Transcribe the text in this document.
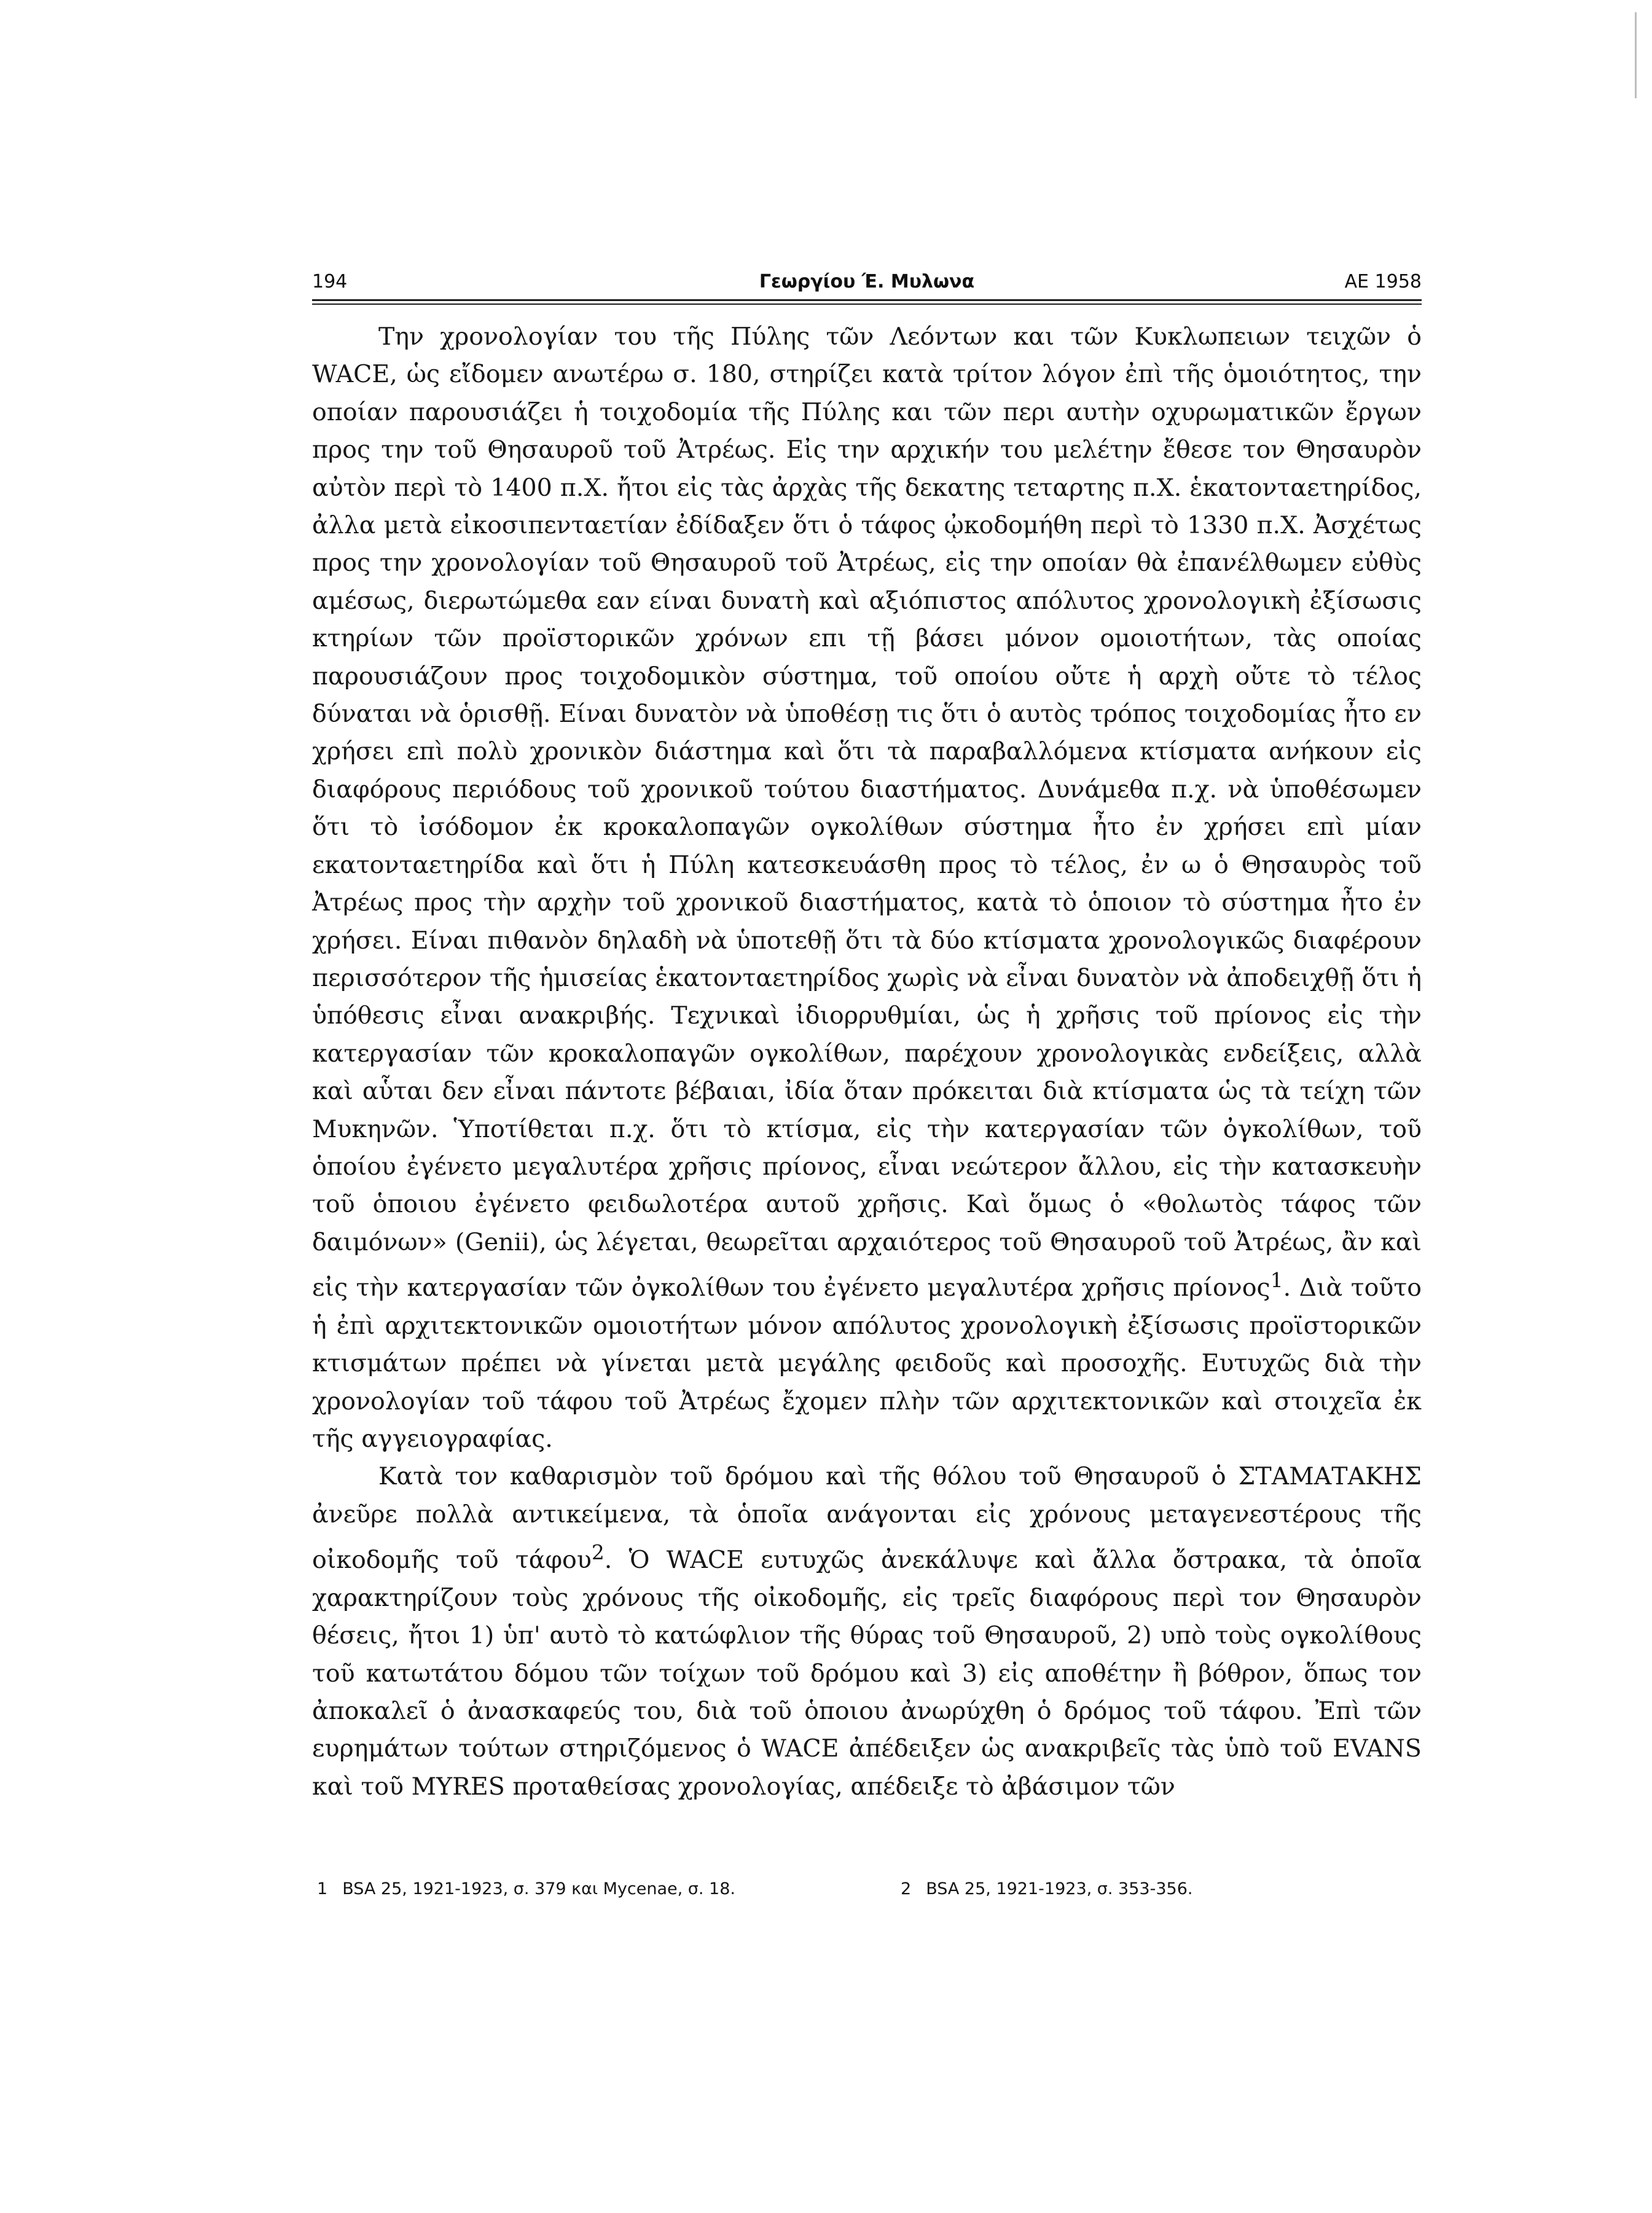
194	Γεωργίου Έ. Μυλωνα	ΑΕ 1958

Την χρονολογίαν του τῆς Πύλης τῶν Λεόντων και τῶν Κυκλωπειων τειχῶν ὁ WACE, ὡς εἴδομεν ανωτέρω σ. 180, στηρίζει κατὰ τρίτον λόγον ἐπὶ τῆς ὁμοιότητος, την οποίαν παρουσιάζει ἡ τοιχοδομία τῆς Πύλης και τῶν περι αυτὴν οχυρωματικῶν ἔργων προς την τοῦ Θησαυροῦ τοῦ Ἀτρέως. Εἰς την αρχικήν του μελέτην ἔθεσε τον Θησαυρὸν αὐτὸν περὶ τὸ 1400 π.Χ. ἤτοι εἰς τὰς ἀρχὰς τῆς δεκατης τεταρτης π.Χ. ἑκατονταετηρίδος, ἀλλα μετὰ εἰκοσιπενταετίαν ἐδίδαξεν ὅτι ὁ τάφος ᾠκοδομήθη περὶ τὸ 1330 π.Χ. Ἀσχέτως προς την χρονολογίαν τοῦ Θησαυροῦ τοῦ Ἀτρέως, εἰς την οποίαν θὰ ἐπανέλθωμεν εὐθὺς αμέσως, διερωτώμεθα εαν είναι δυνατὴ καὶ αξιόπιστος απόλυτος χρονολογικὴ ἐξίσωσις κτηρίων τῶν προϊστορικῶν χρόνων επι τῇ βάσει μόνον ομοιοτήτων, τὰς οποίας παρουσιάζουν προς τοιχοδομικὸν σύστημα, τοῦ οποίου οὔτε ἡ αρχὴ οὔτε τὸ τέλος δύναται νὰ ὁρισθῇ. Είναι δυνατὸν νὰ ὑποθέσῃ τις ὅτι ὁ αυτὸς τρόπος τοιχοδομίας ἦτο εν χρήσει επὶ πολὺ χρονικὸν διάστημα καὶ ὅτι τὰ παραβαλλόμενα κτίσματα ανήκουν εἰς διαφόρους περιόδους τοῦ χρονικοῦ τούτου διαστήματος. Δυνάμεθα π.χ. νὰ ὑποθέσωμεν ὅτι τὸ ἰσόδομον ἐκ κροκαλοπαγῶν ογκολίθων σύστημα ἦτο ἐν χρήσει επὶ μίαν εκατονταετηρίδα καὶ ὅτι ἡ Πύλη κατεσκευάσθη προς τὸ τέλος, ἐν ω ὁ Θησαυρὸς τοῦ Ἀτρέως προς τὴν αρχὴν τοῦ χρονικοῦ διαστήματος, κατὰ τὸ ὁποιον τὸ σύστημα ἦτο ἐν χρήσει. Είναι πιθανὸν δηλαδὴ νὰ ὑποτεθῇ ὅτι τὰ δύο κτίσματα χρονολογικῶς διαφέρουν περισσότερον τῆς ἡμισείας ἑκατονταετηρίδος χωρὶς νὰ εἶναι δυνατὸν νὰ ἀποδειχθῇ ὅτι ἡ ὑπόθεσις εἶναι ανακριβής. Τεχνικαὶ ἰδιορρυθμίαι, ὡς ἡ χρῆσις τοῦ πρίονος εἰς τὴν κατεργασίαν τῶν κροκαλοπαγῶν ογκολίθων, παρέχουν χρονολογικὰς ενδείξεις, αλλὰ καὶ αὗται δεν εἶναι πάντοτε βέβαιαι, ἰδία ὅταν πρόκειται διὰ κτίσματα ὡς τὰ τείχη τῶν Μυκηνῶν. Ὑποτίθεται π.χ. ὅτι τὸ κτίσμα, εἰς τὴν κατεργασίαν τῶν ὀγκολίθων, τοῦ ὁποίου ἐγένετο μεγαλυτέρα χρῆσις πρίονος, εἶναι νεώτερον ἄλλου, εἰς τὴν κατασκευὴν τοῦ ὁποιου ἐγένετο φειδωλοτέρα αυτοῦ χρῆσις. Καὶ ὅμως ὁ «θολωτὸς τάφος τῶν δαιμόνων» (Genii), ὡς λέγεται, θεωρεῖται αρχαιότερος τοῦ Θησαυροῦ τοῦ Ἀτρέως, ἂν καὶ εἰς τὴν κατεργασίαν τῶν ὀγκολίθων του ἐγένετο μεγαλυτέρα χρῆσις πρίονος$^1$. Διὰ τοῦτο ἡ ἐπὶ αρχιτεκτονικῶν ομοιοτήτων μόνον απόλυτος χρονολογικὴ ἐξίσωσις προϊστορικῶν κτισμάτων πρέπει νὰ γίνεται μετὰ μεγάλης φειδοῦς καὶ προσοχῆς. Ευτυχῶς διὰ τὴν χρονολογίαν τοῦ τάφου τοῦ Ἀτρέως ἔχομεν πλὴν τῶν αρχιτεκτονικῶν καὶ στοιχεῖα ἐκ τῆς αγγειογραφίας.

Κατὰ τον καθαρισμὸν τοῦ δρόμου καὶ τῆς θόλου τοῦ Θησαυροῦ ὁ ΣΤΑΜΑΤΑΚΗΣ ἀνεῦρε πολλὰ αντικείμενα, τὰ ὁποῖα ανάγονται εἰς χρόνους μεταγενεστέρους τῆς οἰκοδομῆς τοῦ τάφου$^2$. Ὁ WACE ευτυχῶς ἀνεκάλυψε καὶ ἄλλα ὄστρακα, τὰ ὁποῖα χαρακτηρίζουν τοὺς χρόνους τῆς οἰκοδομῆς, εἰς τρεῖς διαφόρους περὶ τον Θησαυρὸν θέσεις, ἤτοι 1) ὑπ' αυτὸ τὸ κατώφλιον τῆς θύρας τοῦ Θησαυροῦ, 2) υπὸ τοὺς ογκολίθους τοῦ κατωτάτου δόμου τῶν τοίχων τοῦ δρόμου καὶ 3) εἰς αποθέτην ἢ βόθρον, ὅπως τον ἀποκαλεῖ ὁ ἀνασκαφεύς του, διὰ τοῦ ὁποιου ἀνωρύχθη ὁ δρόμος τοῦ τάφου. Ἐπὶ τῶν ευρημάτων τούτων στηριζόμενος ὁ WACE ἀπέδειξεν ὡς ανακριβεῖς τὰς ὑπὸ τοῦ EVANS καὶ τοῦ MYRES προταθείσας χρονολογίας, απέδειξε τὸ ἀβάσιμον τῶν

1 BSA 25, 1921-1923, σ. 379 και Mycenae, σ. 18.	2 BSA 25, 1921-1923, σ. 353-356.
